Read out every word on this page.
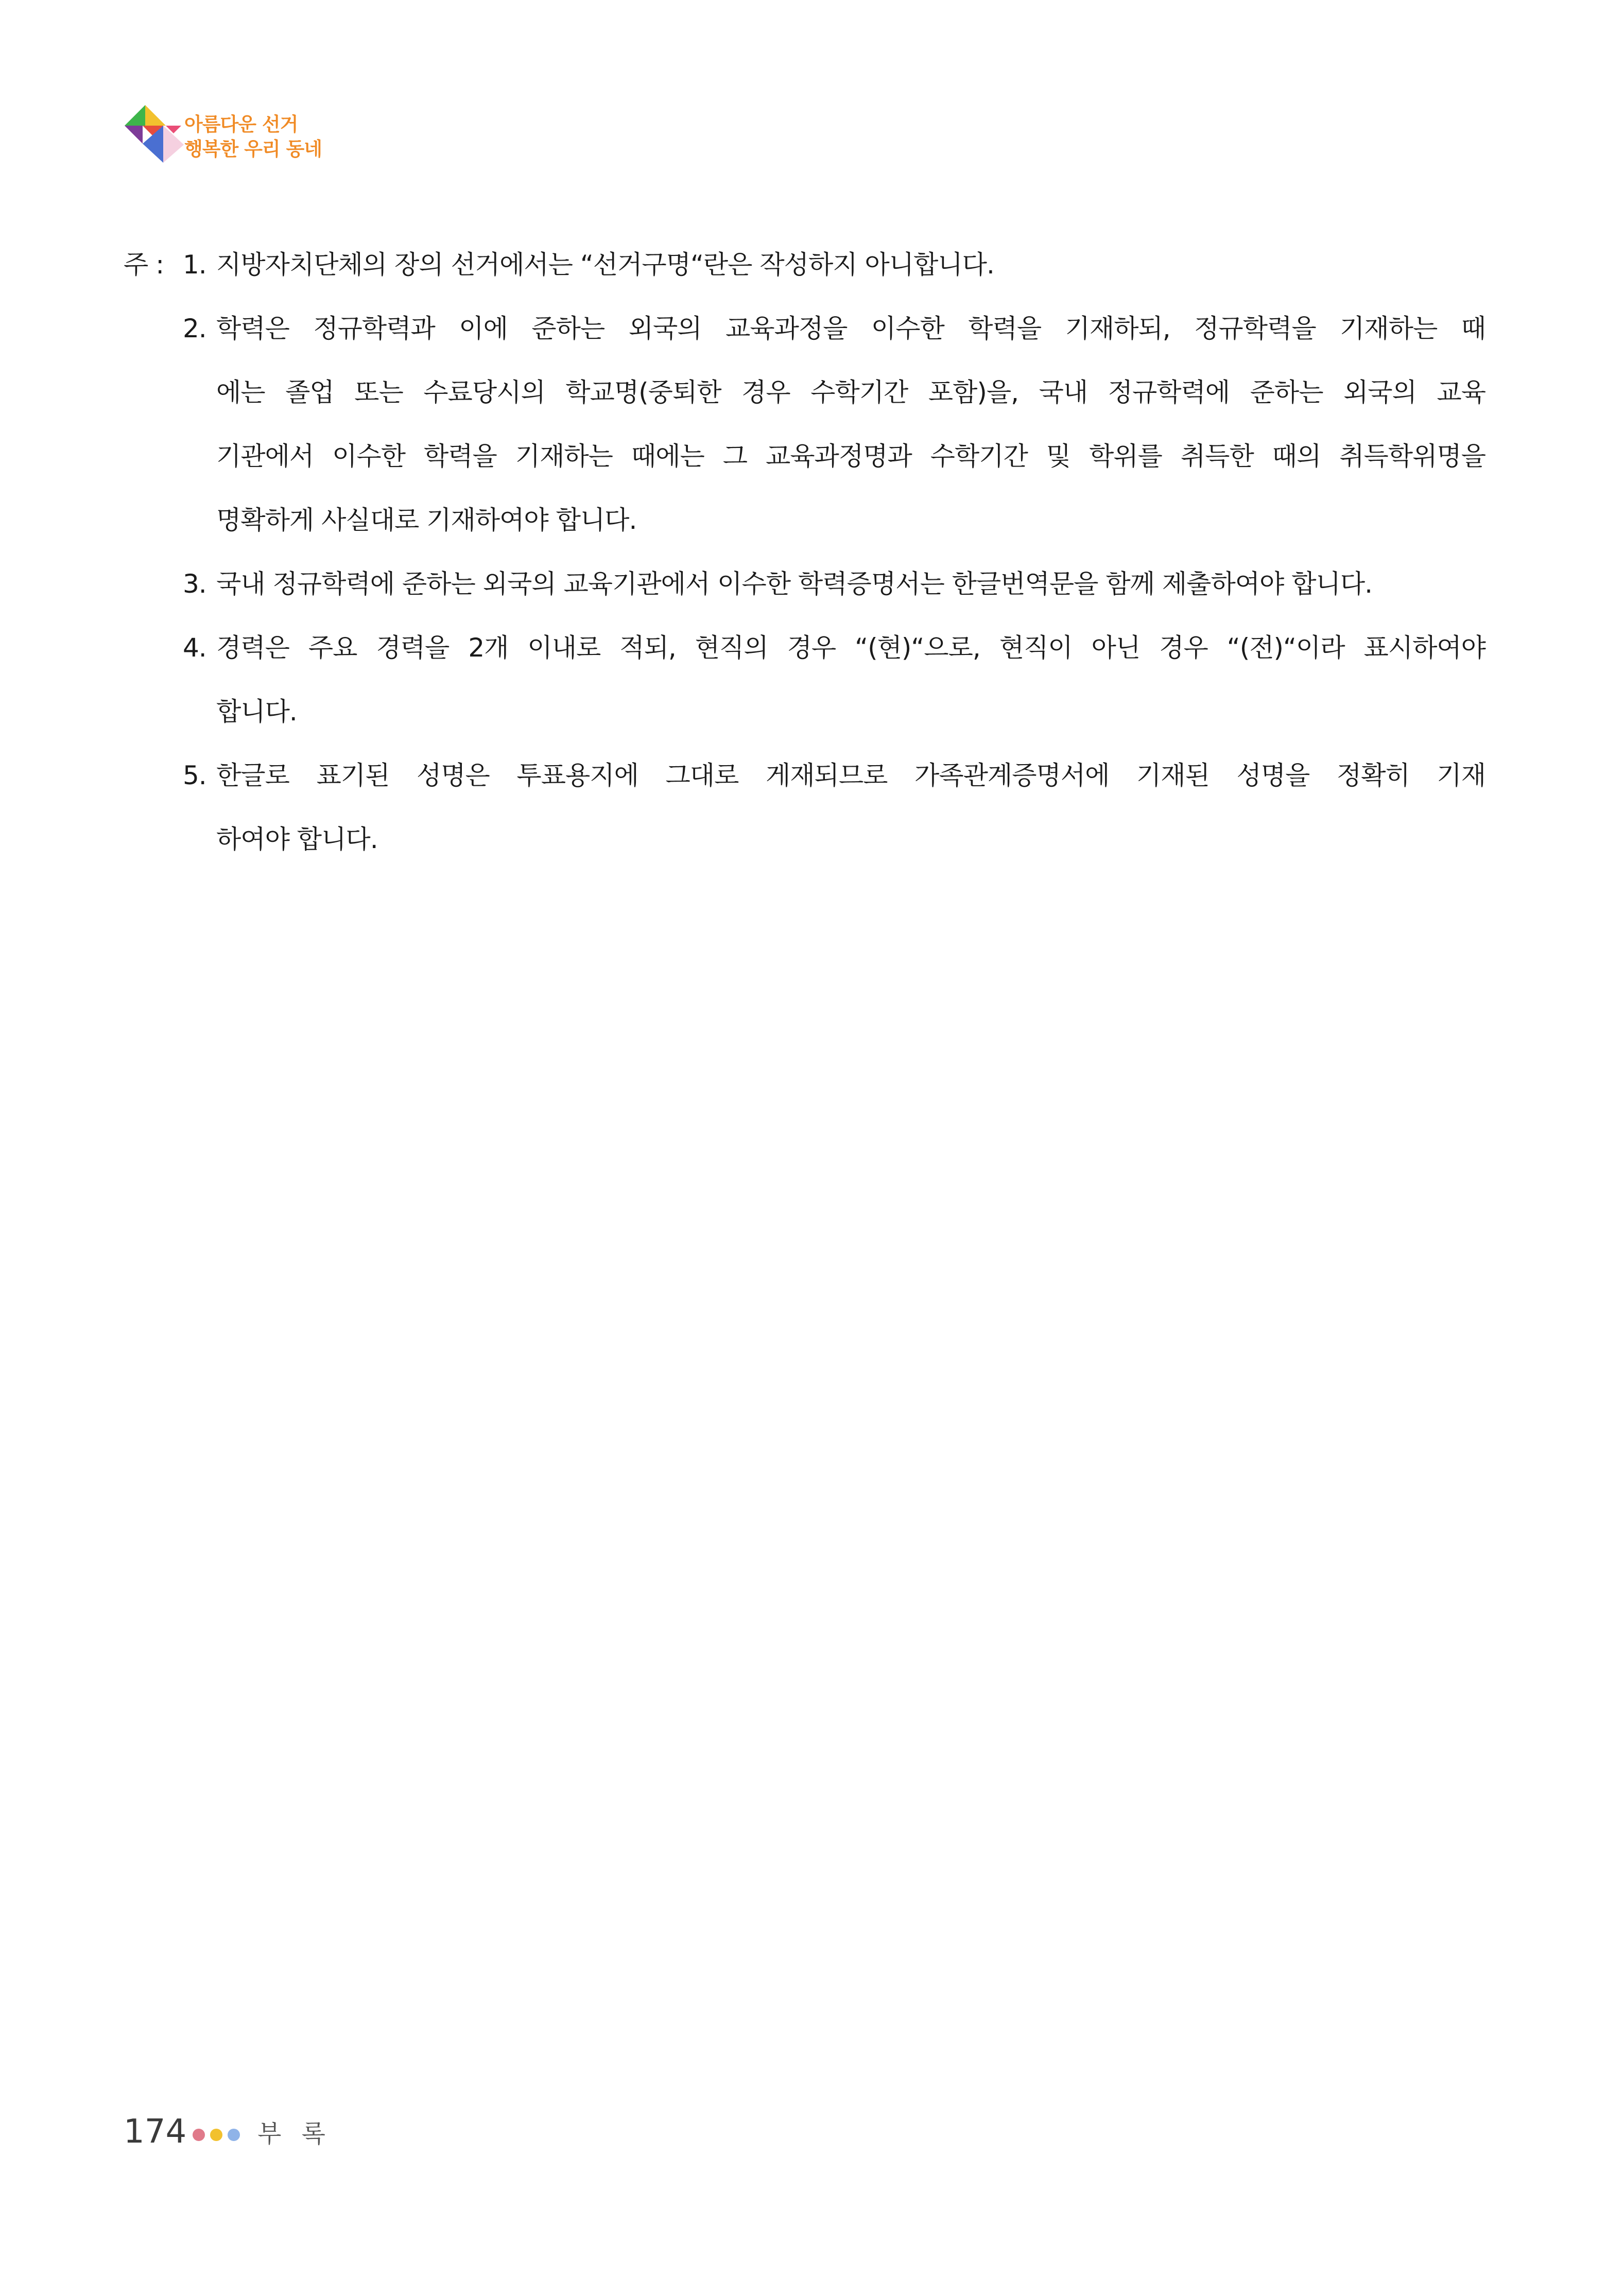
아름다운 선거
행복한 우리 동네
주 : 1. 지방자치단체의 장의 선거에서는 “선거구명“란은 작성하지 아니합니다.
2. 학력은 정규학력과 이에 준하는 외국의 교육과정을 이수한 학력을 기재하되, 정규학력을 기재하는 때
에는 졸업 또는 수료당시의 학교명(중퇴한 경우 수학기간 포함)을, 국내 정규학력에 준하는 외국의 교육
기관에서 이수한 학력을 기재하는 때에는 그 교육과정명과 수학기간 및 학위를 취득한 때의 취득학위명을
명확하게 사실대로 기재하여야 합니다.
3. 국내 정규학력에 준하는 외국의 교육기관에서 이수한 학력증명서는 한글번역문을 함께 제출하여야 합니다.
4. 경력은 주요 경력을 2개 이내로 적되, 현직의 경우 “(현)“으로, 현직이 아닌 경우 “(전)“이라 표시하여야
합니다.
5. 한글로 표기된 성명은 투표용지에 그대로 게재되므로 가족관계증명서에 기재된 성명을 정확히 기재
하여야 합니다.
174	부 록
